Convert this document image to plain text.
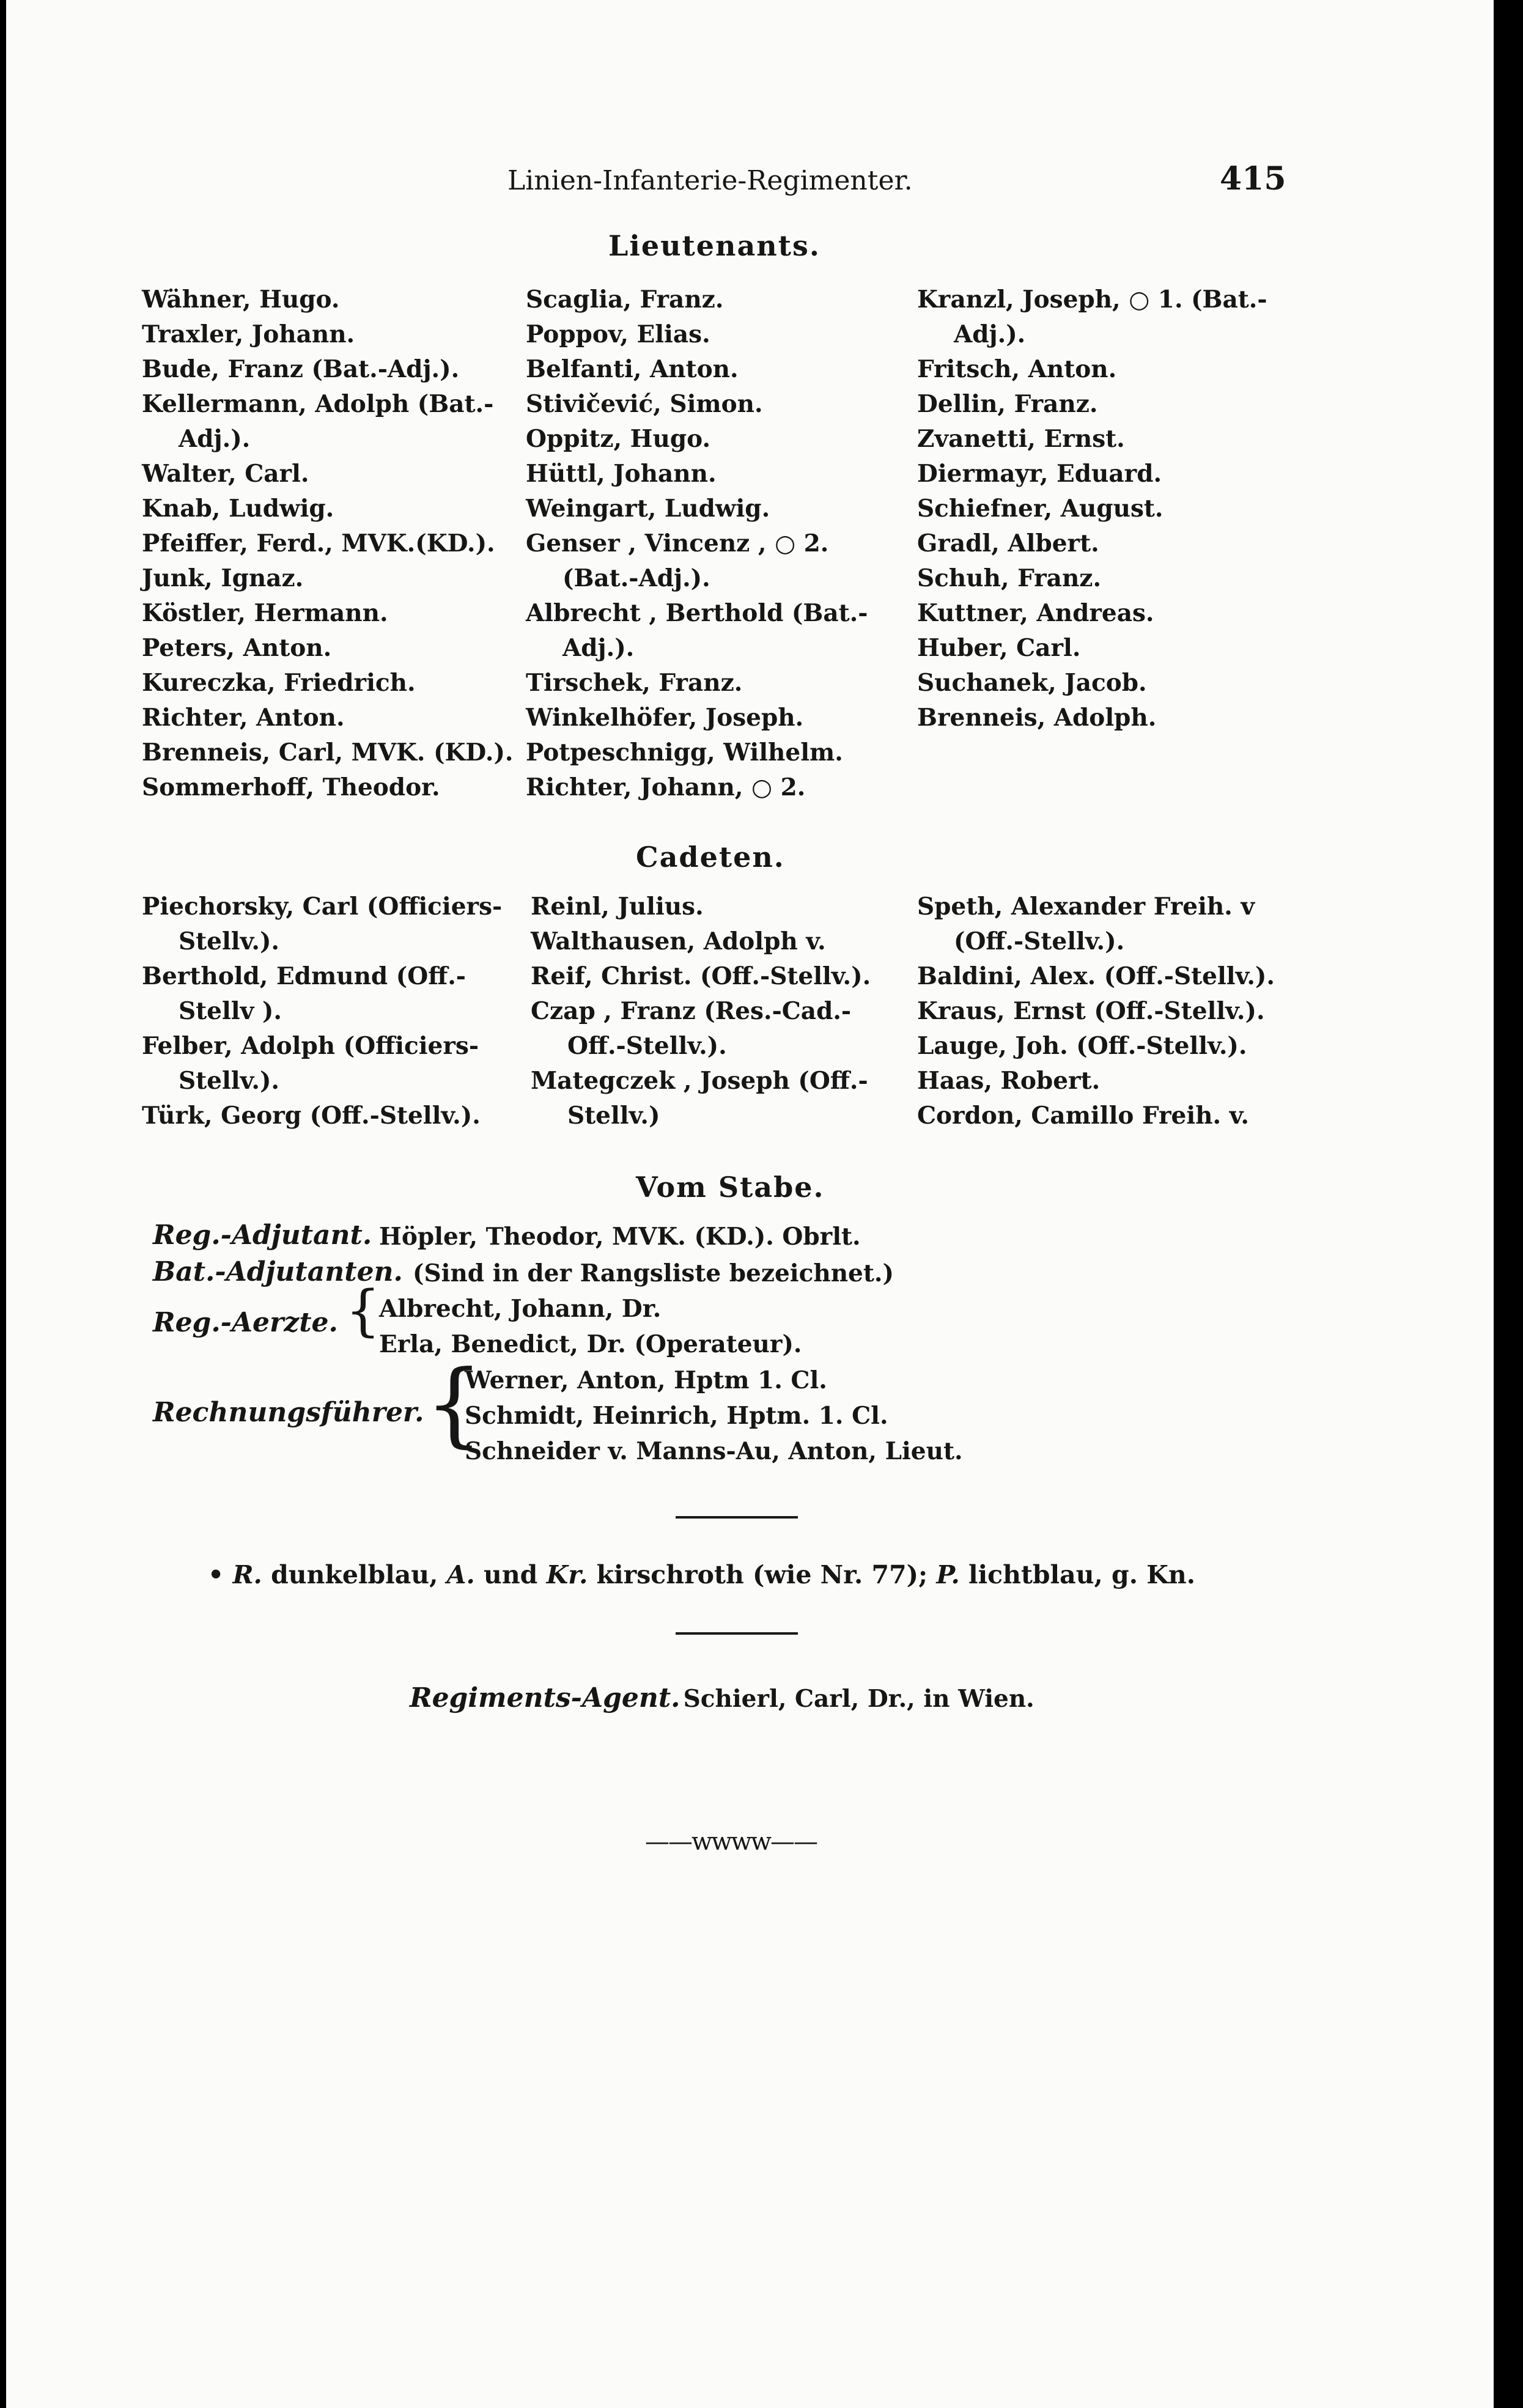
Linien-Infanterie-Regimenter.	415
Lieutenants.
Wähner, Hugo.
Traxler, Johann.
Bude, Franz (Bat.-Adj.).
Kellermann, Adolph (Bat.-
Adj.).
Walter, Carl.
Knab, Ludwig.
Pfeiffer, Ferd., MVK.(KD.).
Junk, Ignaz.
Köstler, Hermann.
Peters, Anton.
Kureczka, Friedrich.
Richter, Anton.
Brenneis, Carl, MVK. (KD.).
Sommerhoff, Theodor.
Scaglia, Franz.
Poppov, Elias.
Belfanti, Anton.
Stivičević, Simon.
Oppitz, Hugo.
Hüttl, Johann.
Weingart, Ludwig.
Genser , Vincenz , ○ 2.
(Bat.-Adj.).
Albrecht , Berthold (Bat.-
Adj.).
Tirschek, Franz.
Winkelhöfer, Joseph.
Potpeschnigg, Wilhelm.
Richter, Johann, ○ 2.
Kranzl, Joseph, ○ 1. (Bat.-
Adj.).
Fritsch, Anton.
Dellin, Franz.
Zvanetti, Ernst.
Diermayr, Eduard.
Schiefner, August.
Gradl, Albert.
Schuh, Franz.
Kuttner, Andreas.
Huber, Carl.
Suchanek, Jacob.
Brenneis, Adolph.
Cadeten.
Piechorsky, Carl (Officiers-
Stellv.).
Berthold, Edmund (Off.-
Stellv ).
Felber, Adolph (Officiers-
Stellv.).
Türk, Georg (Off.-Stellv.).
Reinl, Julius.
Walthausen, Adolph v.
Reif, Christ. (Off.-Stellv.).
Czap , Franz (Res.-Cad.-
Off.-Stellv.).
Mategczek , Joseph (Off.-
Stellv.)
Speth, Alexander Freih. v
(Off.-Stellv.).
Baldini, Alex. (Off.-Stellv.).
Kraus, Ernst (Off.-Stellv.).
Lauge, Joh. (Off.-Stellv.).
Haas, Robert.
Cordon, Camillo Freih. v.
Vom Stabe.
Reg.-Adjutant. Höpler, Theodor, MVK. (KD.). Obrlt.
Bat.-Adjutanten. (Sind in der Rangsliste bezeichnet.)
Reg.-Aerzte. {
Albrecht, Johann, Dr.
Erla, Benedict, Dr. (Operateur).
Rechnungsführer. {
Werner, Anton, Hptm 1. Cl.
Schmidt, Heinrich, Hptm. 1. Cl.
Schneider v. Manns-Au, Anton, Lieut.
• R. dunkelblau, A. und Kr. kirschroth (wie Nr. 77); P. lichtblau, g. Kn.
Regiments-Agent. Schierl, Carl, Dr., in Wien.
——wwww——
